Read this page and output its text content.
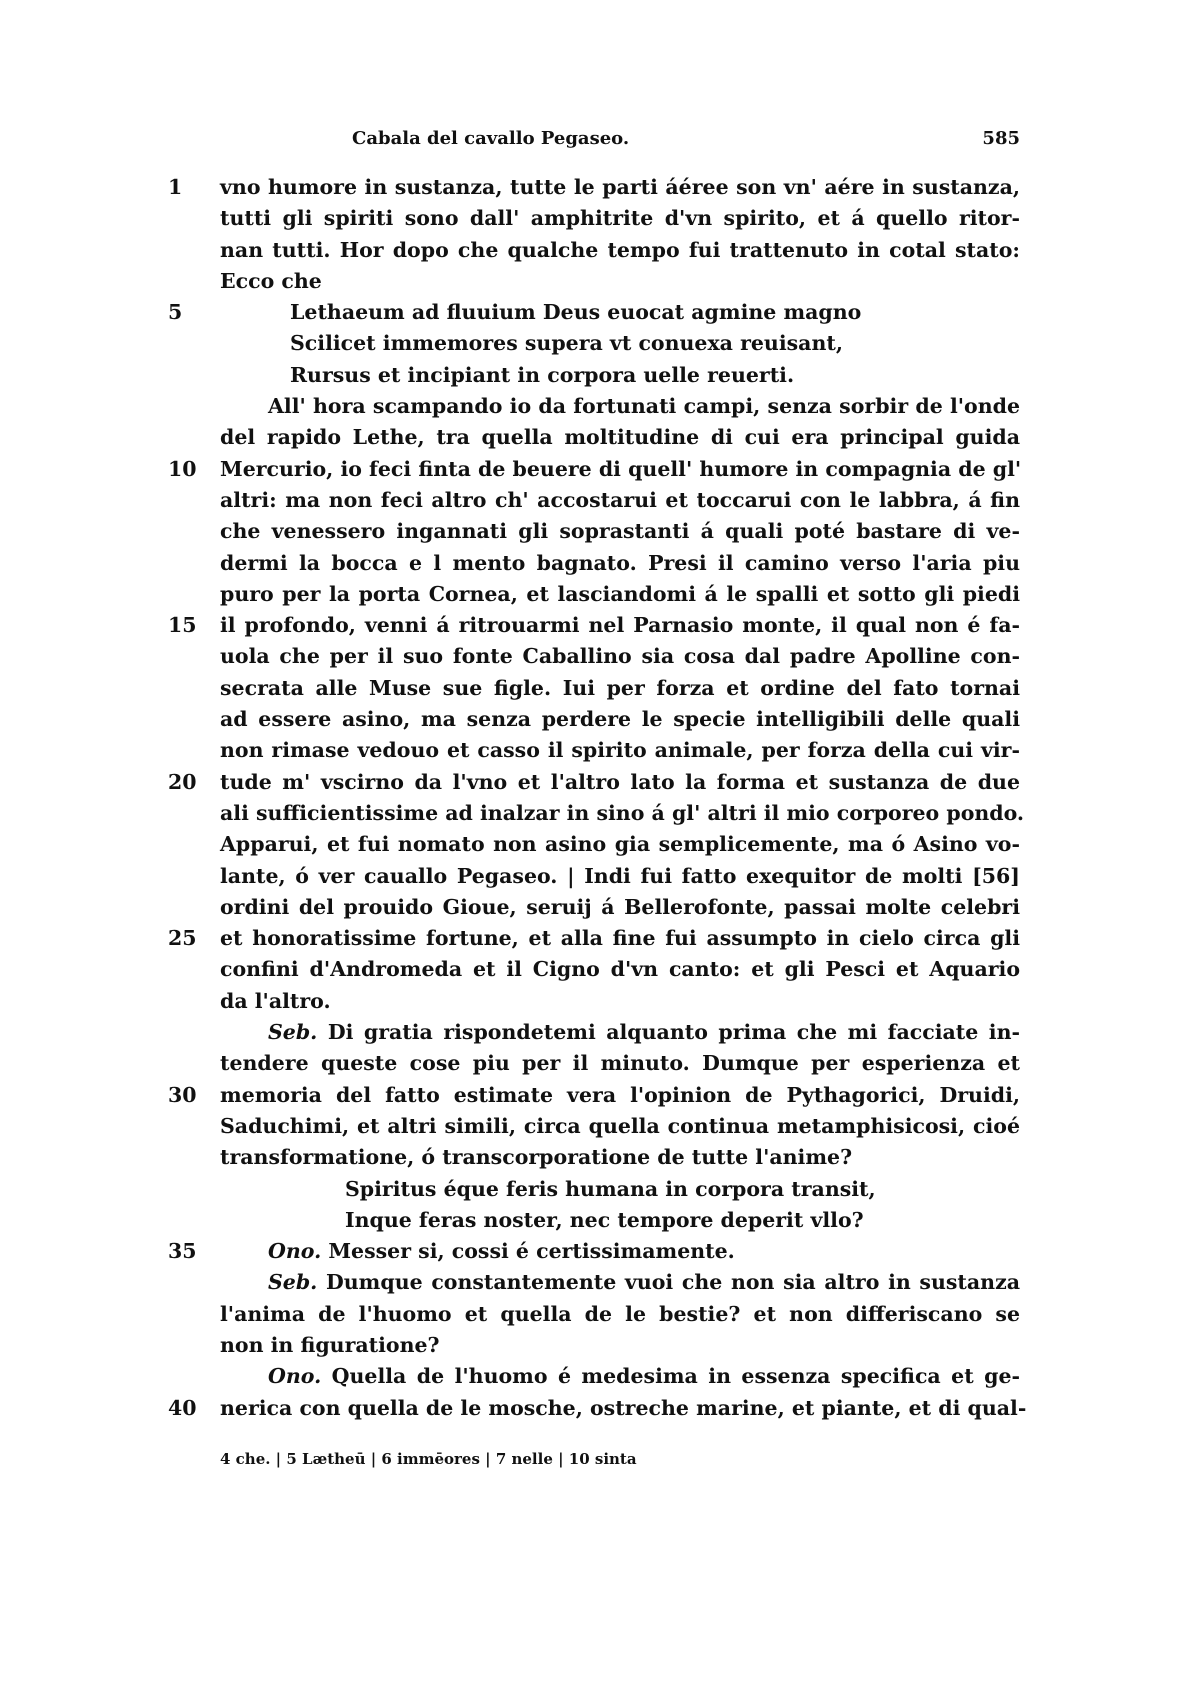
Cabala del cavallo Pegaseo.	585
1	vno humore in sustanza, tutte le parti áéree son vn' aére in sustanza,
tutti gli spiriti sono dall' amphitrite d'vn spirito, et á quello ritor-
nan tutti. Hor dopo che qualche tempo fui trattenuto in cotal stato:
Ecco che
5	Lethaeum ad fluuium Deus euocat agmine magno
Scilicet immemores supera vt conuexa reuisant,
Rursus et incipiant in corpora uelle reuerti.
All' hora scampando io da fortunati campi, senza sorbir de l'onde
del rapido Lethe, tra quella moltitudine di cui era principal guida
10	Mercurio, io feci finta de beuere di quell' humore in compagnia de gl'
altri: ma non feci altro ch' accostarui et toccarui con le labbra, á fin
che venessero ingannati gli soprastanti á quali poté bastare di ve-
dermi la bocca e l mento bagnato. Presi il camino verso l'aria piu
puro per la porta Cornea, et lasciandomi á le spalli et sotto gli piedi
15	il profondo, venni á ritrouarmi nel Parnasio monte, il qual non é fa-
uola che per il suo fonte Caballino sia cosa dal padre Apolline con-
secrata alle Muse sue figle. Iui per forza et ordine del fato tornai
ad essere asino, ma senza perdere le specie intelligibili delle quali
non rimase vedouo et casso il spirito animale, per forza della cui vir-
20	tude m' vscirno da l'vno et l'altro lato la forma et sustanza de due
ali sufficientissime ad inalzar in sino á gl' altri il mio corporeo pondo.
Apparui, et fui nomato non asino gia semplicemente, ma ó Asino vo-
lante, ó ver cauallo Pegaseo. | Indi fui fatto exequitor de molti [56]
ordini del prouido Gioue, seruij á Bellerofonte, passai molte celebri
25	et honoratissime fortune, et alla fine fui assumpto in cielo circa gli
confini d'Andromeda et il Cigno d'vn canto: et gli Pesci et Aquario
da l'altro.
Seb. Di gratia rispondetemi alquanto prima che mi facciate in-
tendere queste cose piu per il minuto. Dumque per esperienza et
30	memoria del fatto estimate vera l'opinion de Pythagorici, Druidi,
Saduchimi, et altri simili, circa quella continua metamphisicosi, cioé
transformatione, ó transcorporatione de tutte l'anime?
Spiritus éque feris humana in corpora transit,
Inque feras noster, nec tempore deperit vllo?
35	Ono. Messer si, cossi é certissimamente.
Seb. Dumque constantemente vuoi che non sia altro in sustanza
l'anima de l'huomo et quella de le bestie? et non differiscano se
non in figuratione?
Ono. Quella de l'huomo é medesima in essenza specifica et ge-
40	nerica con quella de le mosche, ostreche marine, et piante, et di qual-
4 che. | 5 Lætheū | 6 immēores | 7 nelle | 10 sinta
